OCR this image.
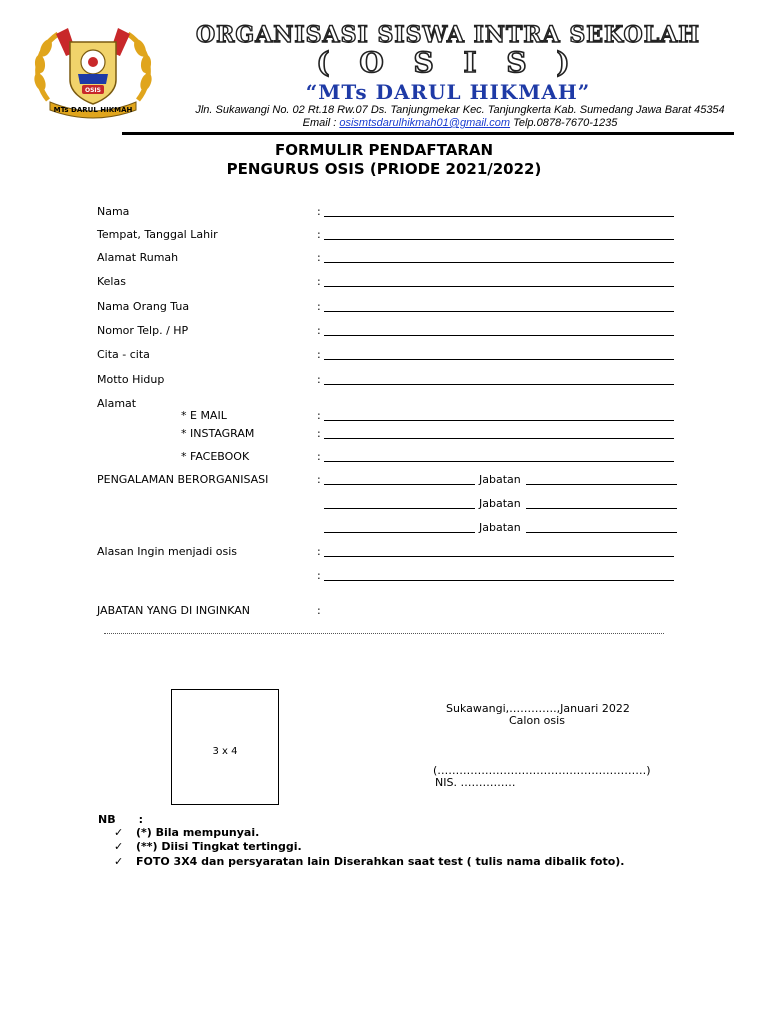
OSIS
MTs DARUL HIKMAH
ORGANISASI SISWA INTRA SEKOLAH
( O S I S )
“MTs DARUL HIKMAH”
Jln. Sukawangi No. 02 Rt.18 Rw.07 Ds. Tanjungmekar Kec. Tanjungkerta Kab. Sumedang Jawa Barat 45354
Email : osismtsdarulhikmah01@gmail.com Telp.0878-7670-1235
FORMULIR PENDAFTARAN
PENGURUS OSIS (PRIODE 2021/2022)
Nama	:
Tempat, Tanggal Lahir	:
Alamat Rumah	:
Kelas	:
Nama Orang Tua	:
Nomor Telp. / HP	:
Cita - cita	:
Motto Hidup	:
Alamat
* E MAIL	:
* INSTAGRAM	:
* FACEBOOK	:
PENGALAMAN BERORGANISASI	:	Jabatan
Jabatan
Jabatan
Alasan Ingin menjadi osis	:
:
JABATAN YANG DI INGINKAN	:
3 x 4
Sukawangi,………….,Januari 2022
Calon osis
(…………………………………………………)
NIS. ……………
NB      :
✓ (*) Bila mempunyai.
✓ (**) Diisi Tingkat tertinggi.
✓ FOTO 3X4 dan persyaratan lain Diserahkan saat test ( tulis nama dibalik foto).
